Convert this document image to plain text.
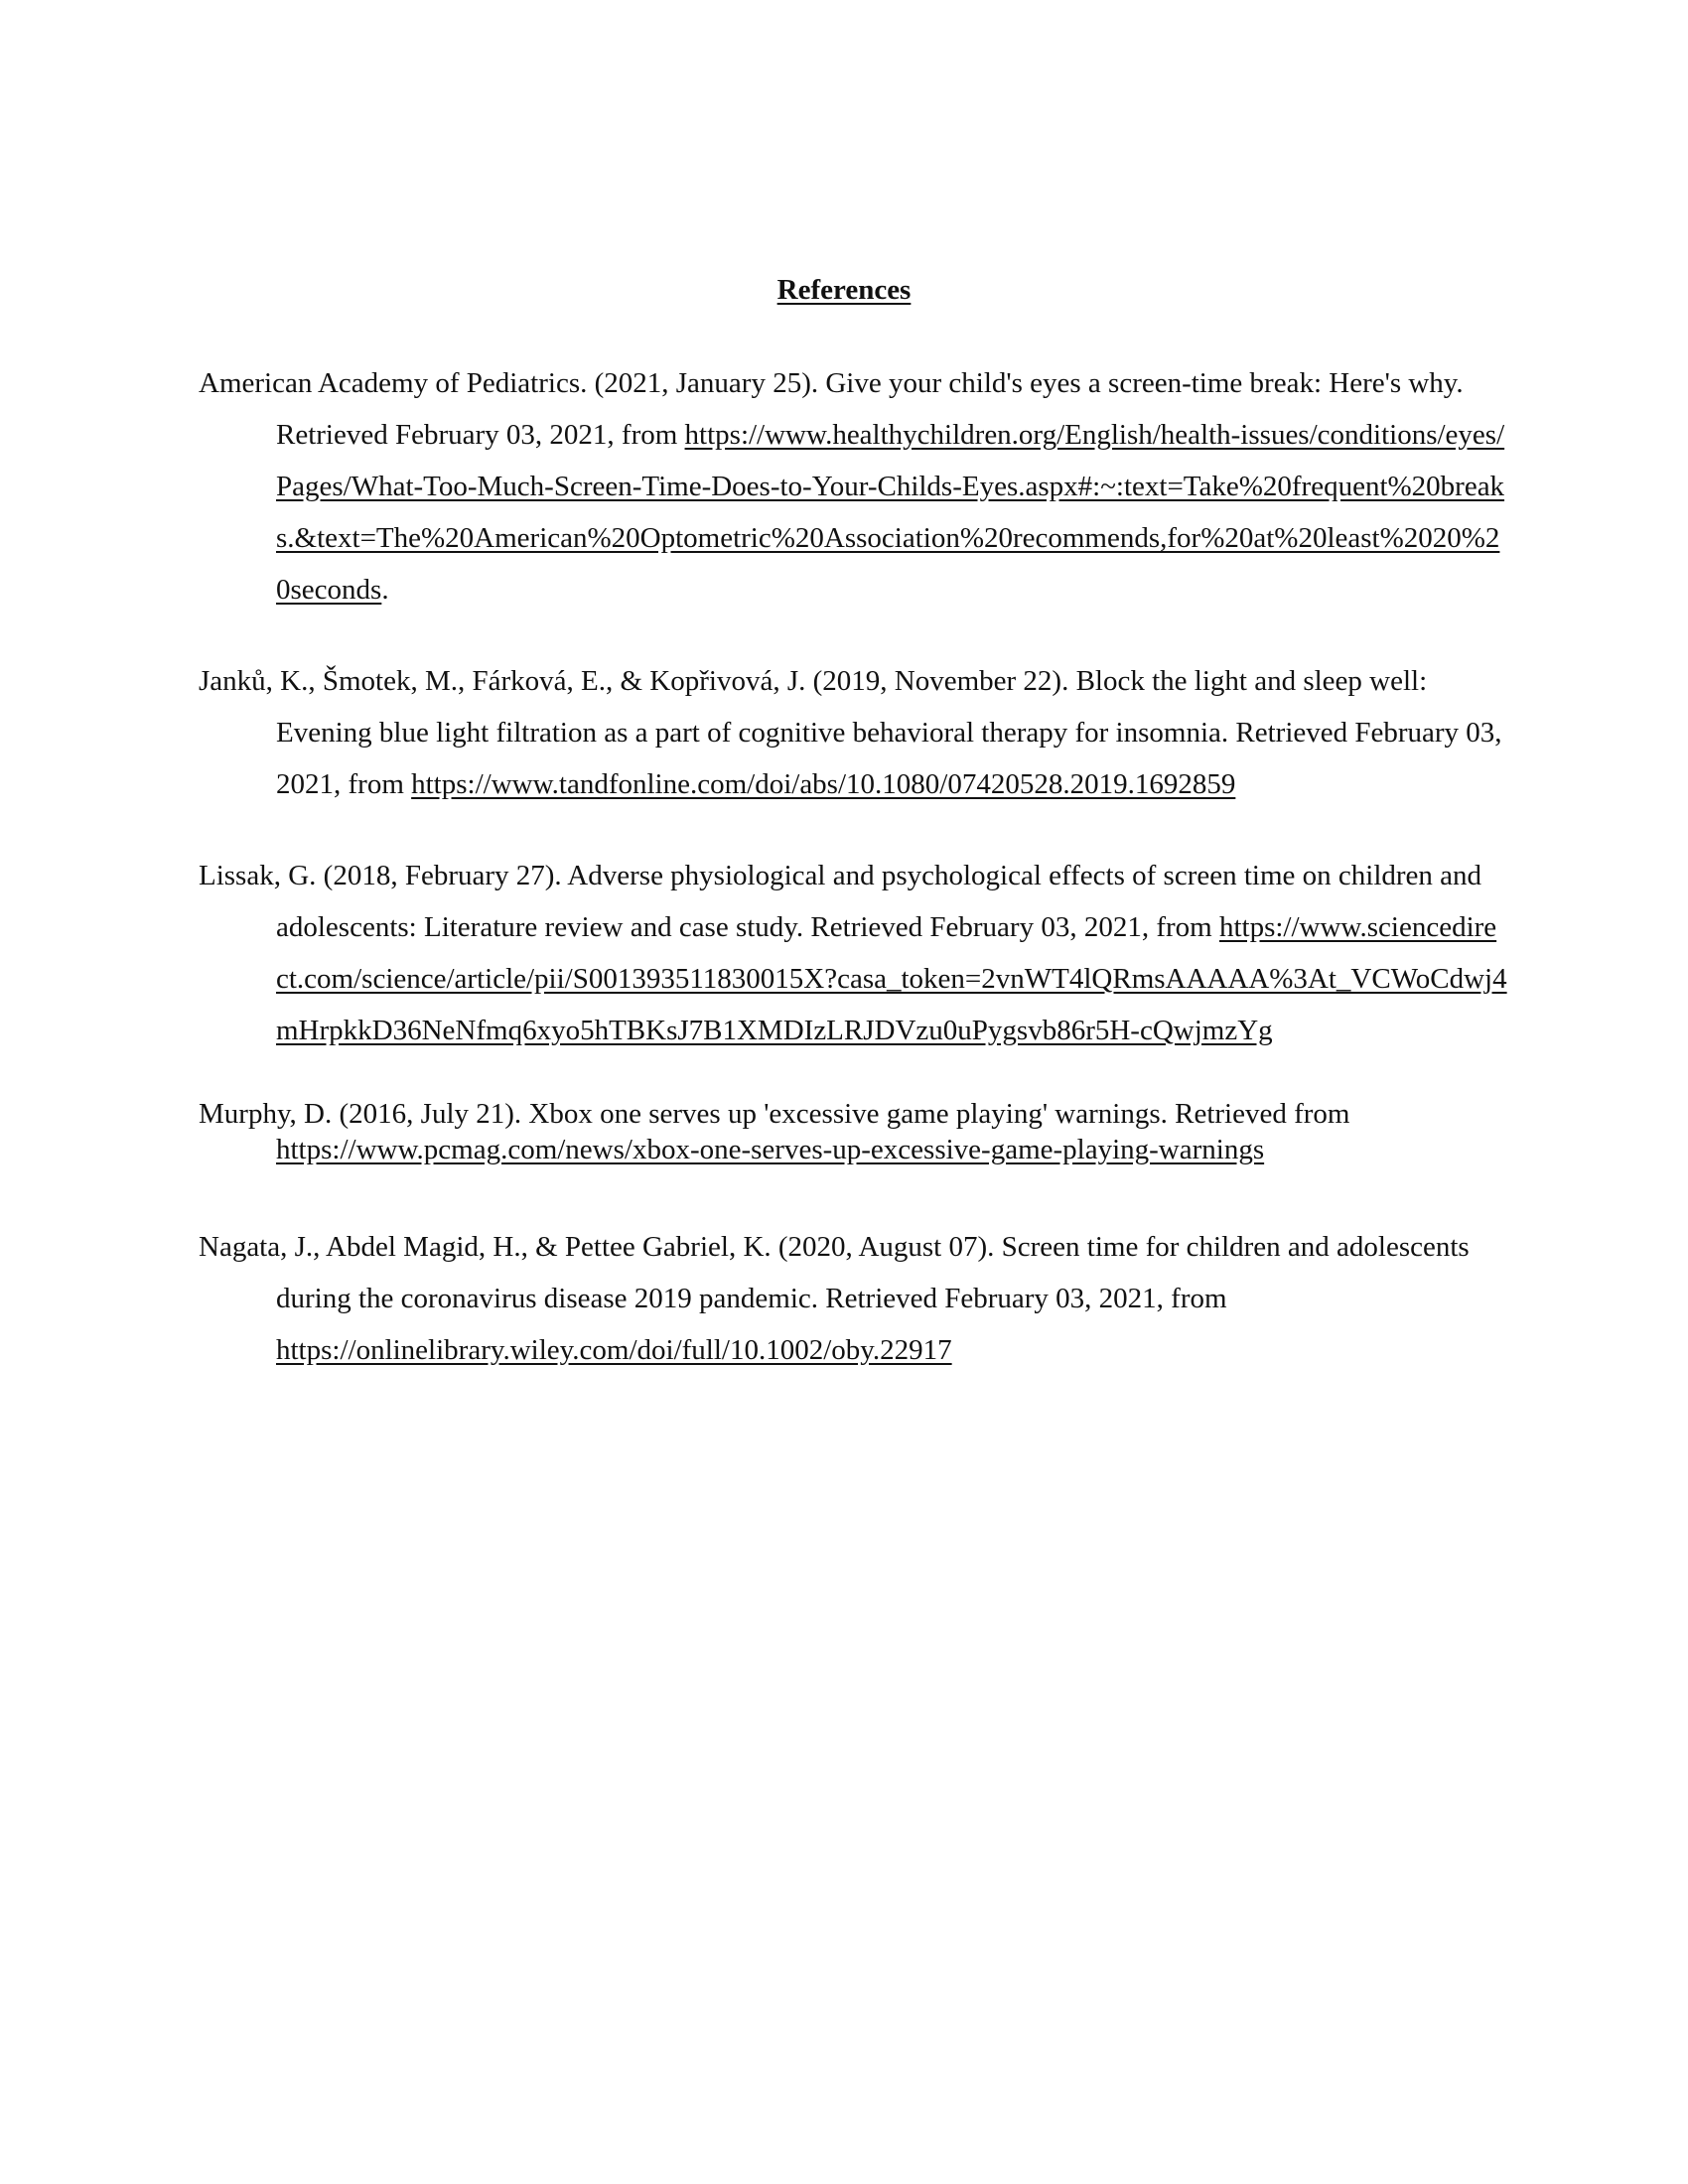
References

American Academy of Pediatrics. (2021, January 25). Give your child's eyes a screen-time break: Here's why. Retrieved February 03, 2021, from https://www.healthychildren.org/English/health-issues/conditions/eyes/Pages/What-Too-Much-Screen-Time-Does-to-Your-Childs-Eyes.aspx#:~:text=Take%20frequent%20breaks.&text=The%20American%20Optometric%20Association%20recommends,for%20at%20least%2020%20seconds.

Janků, K., Šmotek, M., Fárková, E., & Kopřivová, J. (2019, November 22). Block the light and sleep well: Evening blue light filtration as a part of cognitive behavioral therapy for insomnia. Retrieved February 03, 2021, from https://www.tandfonline.com/doi/abs/10.1080/07420528.2019.1692859

Lissak, G. (2018, February 27). Adverse physiological and psychological effects of screen time on children and adolescents: Literature review and case study. Retrieved February 03, 2021, from https://www.sciencedirect.com/science/article/pii/S001393511830015X?casa_token=2vnWT4lQRmsAAAAA%3At_VCWoCdwj4mHrpkkD36NeNfmq6xyo5hTBKsJ7B1XMDIzLRJDVzu0uPygsvb86r5H-cQwjmzYg

Murphy, D. (2016, July 21). Xbox one serves up 'excessive game playing' warnings. Retrieved from https://www.pcmag.com/news/xbox-one-serves-up-excessive-game-playing-warnings

Nagata, J., Abdel Magid, H., & Pettee Gabriel, K. (2020, August 07). Screen time for children and adolescents during the coronavirus disease 2019 pandemic. Retrieved February 03, 2021, from https://onlinelibrary.wiley.com/doi/full/10.1002/oby.22917
